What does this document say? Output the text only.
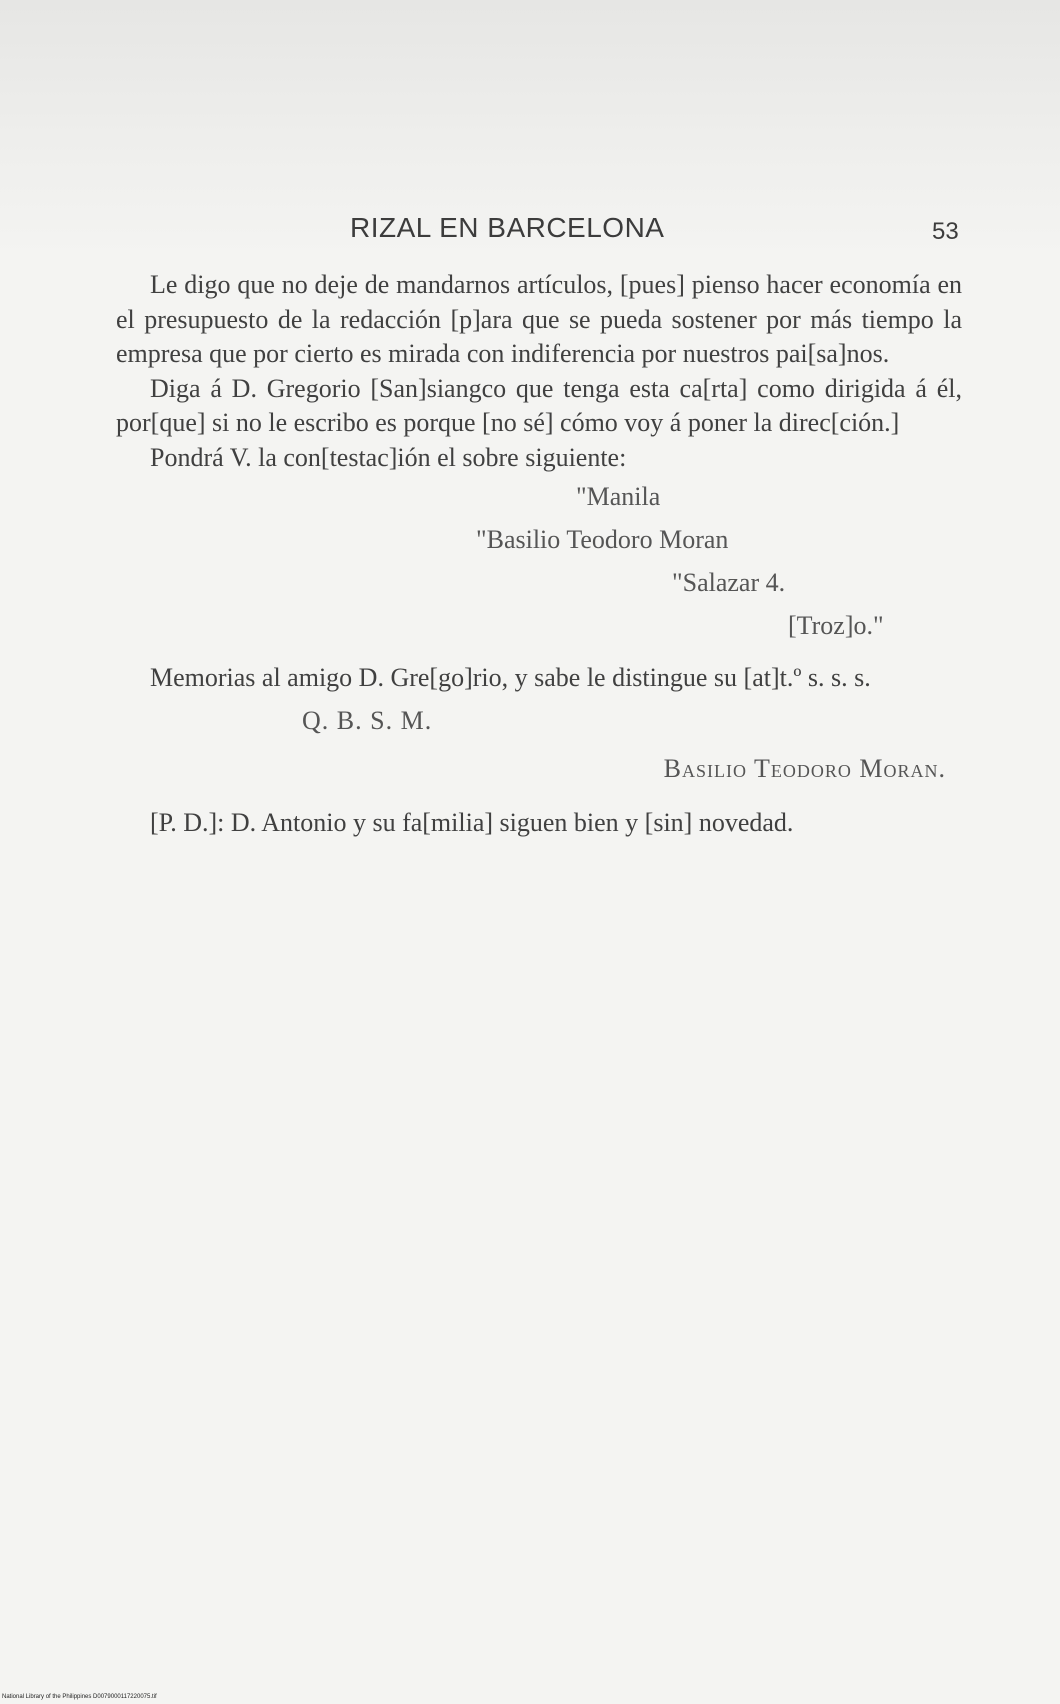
RIZAL EN BARCELONA	53

Le digo que no deje de mandarnos artículos, [pues] pienso hacer economía en el presupuesto de la redacción [p]ara que se pueda sostener por más tiempo la empresa que por cierto es mirada con indiferencia por nuestros pai[sa]nos.

Diga á D. Gregorio [San]siangco que tenga esta ca[rta] como dirigida á él, por[que] si no le escribo es porque [no sé] cómo voy á poner la direc[ción.]

Pondrá V. la con[testac]ión el sobre siguiente:

"Manila
"Basilio Teodoro Moran
"Salazar 4.
[Troz]o."

Memorias al amigo D. Gre[go]rio, y sabe le distingue su [at]t.º s. s. s.

Q. B. S. M.
Basilio Teodoro Moran.

[P. D.]: D. Antonio y su fa[milia] siguen bien y [sin] novedad.

National Library of the Philippines D0079000117220075.tif
